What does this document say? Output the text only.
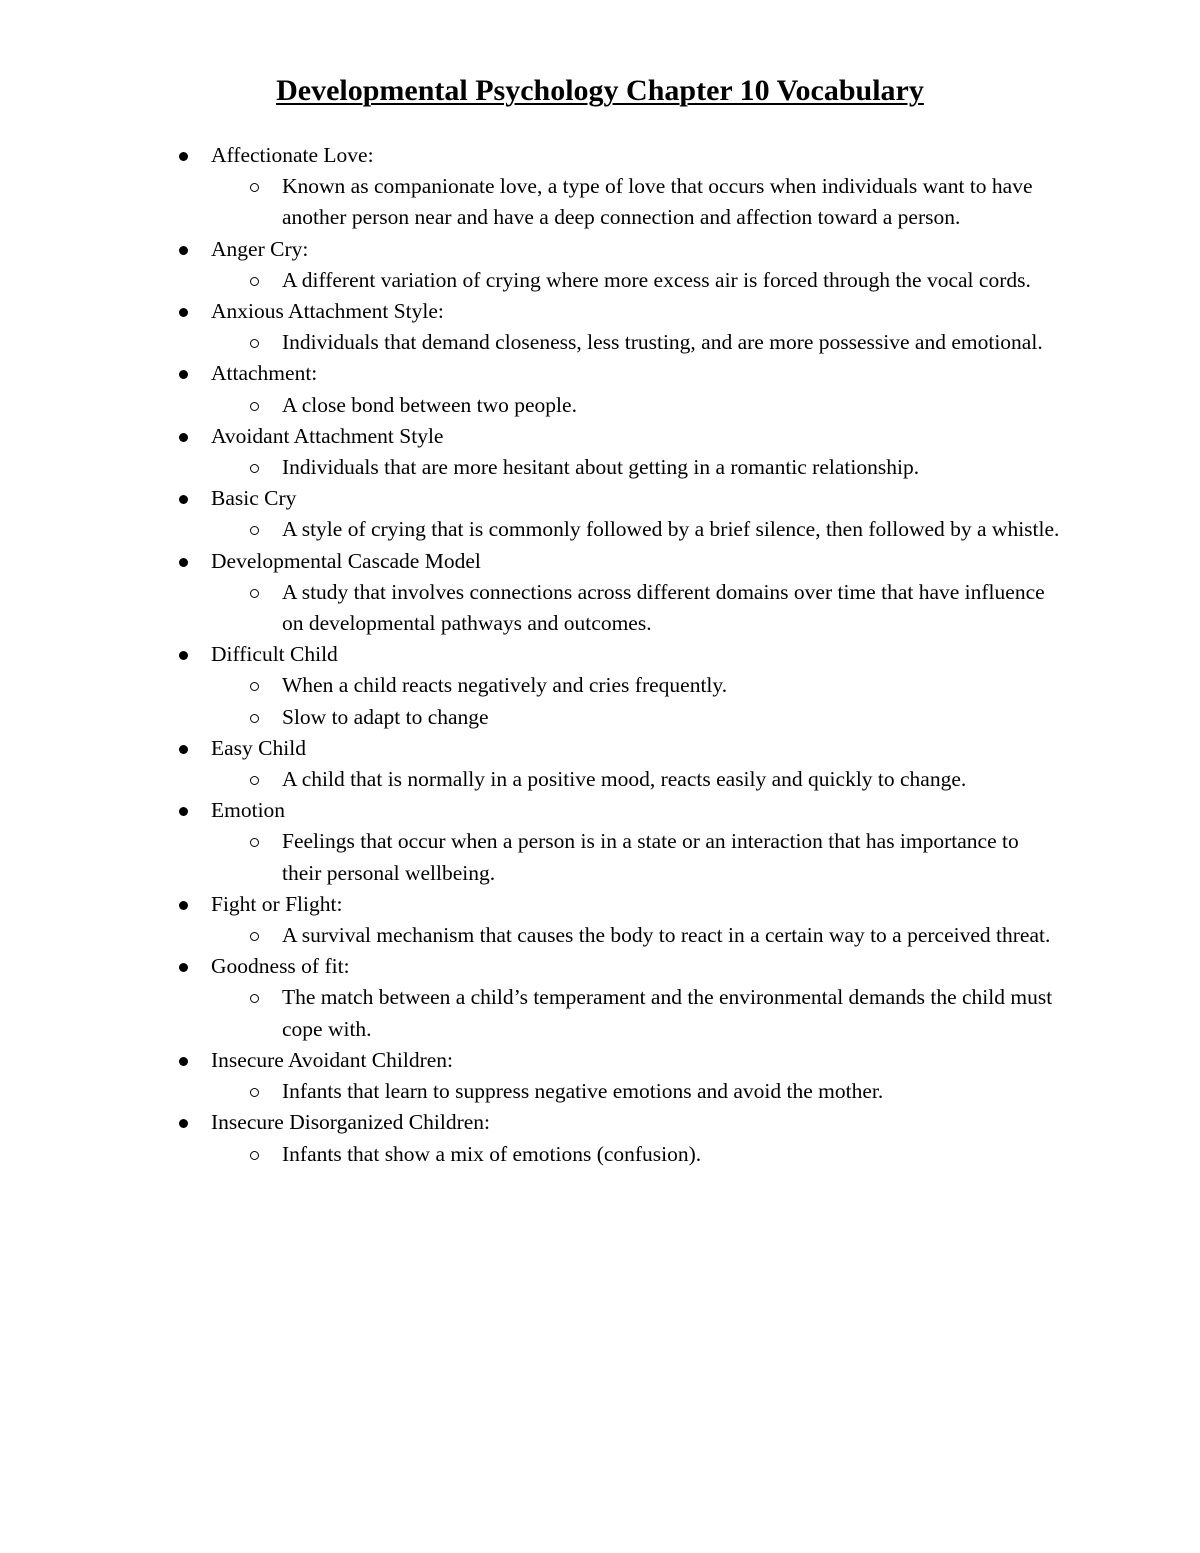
Developmental Psychology Chapter 10 Vocabulary
Affectionate Love:
Known as companionate love, a type of love that occurs when individuals want to have another person near and have a deep connection and affection toward a person.
Anger Cry:
A different variation of crying where more excess air is forced through the vocal cords.
Anxious Attachment Style:
Individuals that demand closeness, less trusting, and are more possessive and emotional.
Attachment:
A close bond between two people.
Avoidant Attachment Style
Individuals that are more hesitant about getting in a romantic relationship.
Basic Cry
A style of crying that is commonly followed by a brief silence, then followed by a whistle.
Developmental Cascade Model
A study that involves connections across different domains over time that have influence on developmental pathways and outcomes.
Difficult Child
When a child reacts negatively and cries frequently.
Slow to adapt to change
Easy Child
A child that is normally in a positive mood, reacts easily and quickly to change.
Emotion
Feelings that occur when a person is in a state or an interaction that has importance to their personal wellbeing.
Fight or Flight:
A survival mechanism that causes the body to react in a certain way to a perceived threat.
Goodness of fit:
The match between a child’s temperament and the environmental demands the child must cope with.
Insecure Avoidant Children:
Infants that learn to suppress negative emotions and avoid the mother.
Insecure Disorganized Children:
Infants that show a mix of emotions (confusion).
